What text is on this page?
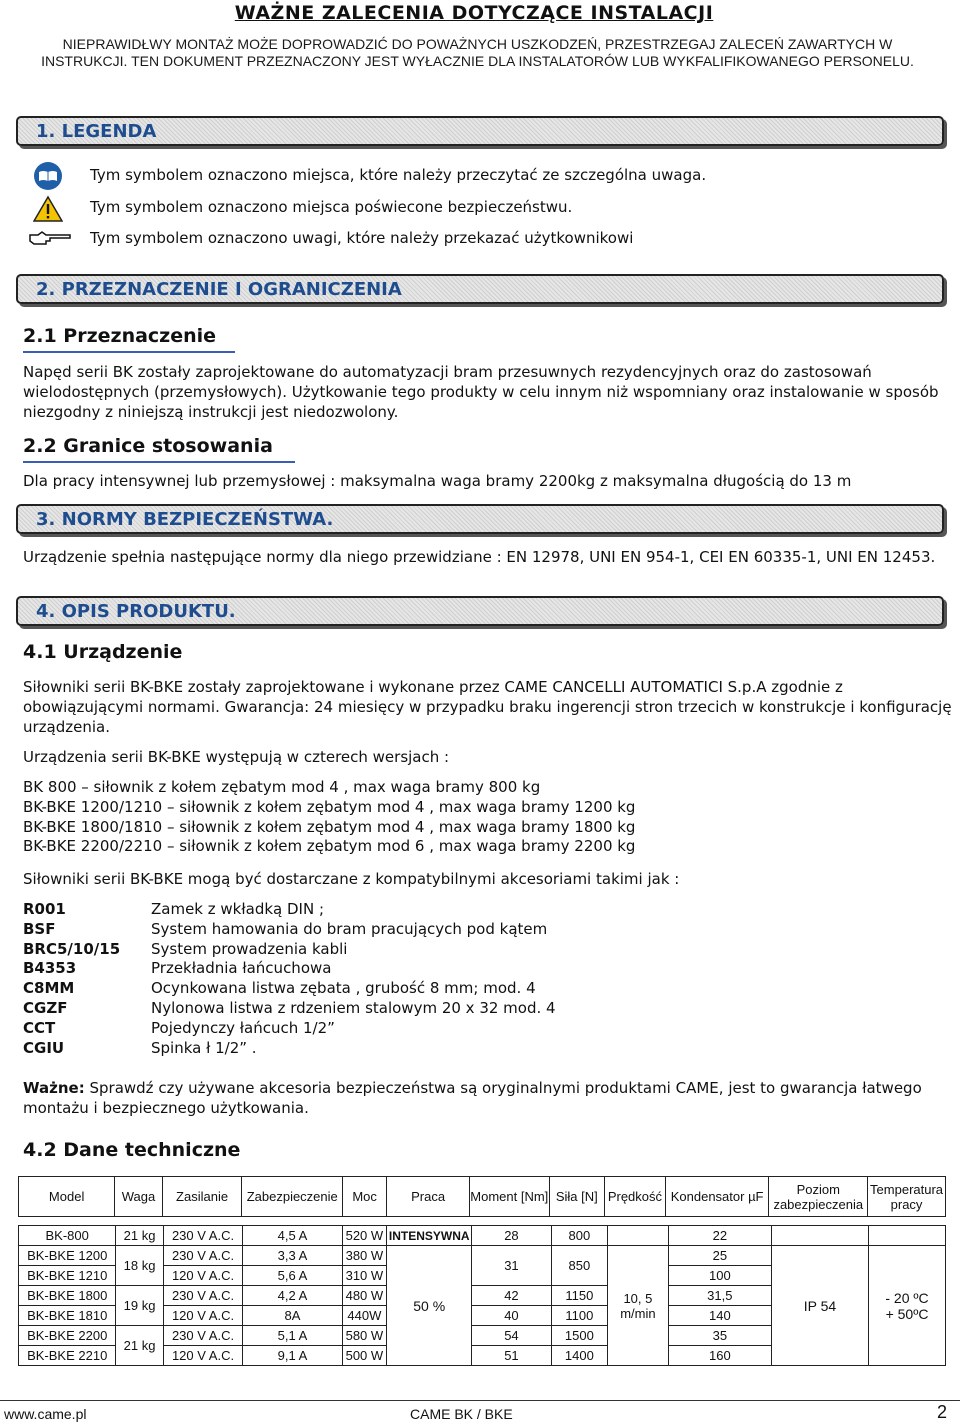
WAŻNE ZALECENIA DOTYCZĄCE INSTALACJI
NIEPRAWIDŁWY MONTAŻ MOŻE DOPROWADZIĆ DO POWAŻNYCH USZKODZEŃ, PRZESTRZEGAJ ZALECEŃ ZAWARTYCH W INSTRUKCJI. TEN DOKUMENT PRZEZNACZONY JEST WYŁACZNIE DLA INSTALATORÓW LUB WYKFALIFIKOWANEGO PERSONELU.
1. LEGENDA
Tym symbolem oznaczono miejsca, które należy przeczytać ze szczególna uwaga.
Tym symbolem oznaczono miejsca poświecone bezpieczeństwu.
Tym symbolem oznaczono uwagi, które należy przekazać użytkownikowi
2. PRZEZNACZENIE I OGRANICZENIA
2.1 Przeznaczenie
Napęd serii BK zostały zaprojektowane do automatyzacji bram przesuwnych rezydencyjnych oraz do zastosowań wielodostępnych (przemysłowych). Użytkowanie tego produkty w celu innym niż wspomniany oraz instalowanie w sposób niezgodny z niniejszą instrukcji jest niedozwolony.
2.2 Granice stosowania
Dla pracy intensywnej lub przemysłowej : maksymalna waga bramy 2200kg z maksymalna długością do 13 m
3. NORMY BEZPIECZEŃSTWA.
Urządzenie spełnia następujące normy dla niego przewidziane : EN 12978, UNI EN 954-1, CEI EN 60335-1, UNI EN 12453.
4. OPIS PRODUKTU.
4.1 Urządzenie
Siłowniki serii BK-BKE zostały zaprojektowane i wykonane przez CAME CANCELLI AUTOMATICI S.p.A zgodnie z obowiązującymi normami. Gwarancja: 24 miesięcy w przypadku braku ingerencji stron trzecich w konstrukcje i konfigurację urządzenia.
Urządzenia serii BK-BKE występują w czterech wersjach :
BK 800 – siłownik z kołem zębatym mod 4 , max waga bramy 800 kg
BK-BKE 1200/1210 – siłownik z kołem zębatym mod 4 , max waga bramy 1200 kg
BK-BKE 1800/1810 – siłownik z kołem zębatym mod 4 , max waga bramy 1800 kg
BK-BKE 2200/2210 – siłownik z kołem zębatym mod 6 , max waga bramy 2200 kg
Siłowniki serii BK-BKE mogą być dostarczane z kompatybilnymi akcesoriami takimi jak :
R001	Zamek z wkładką DIN ;
BSF	System hamowania do bram pracujących pod kątem
BRC5/10/15 System prowadzenia kabli
B4353	Przekładnia łańcuchowa
C8MM	Ocynkowana listwa zębata , grubość 8 mm; mod. 4
CGZF	Nylonowa listwa z rdzeniem stalowym 20 x 32 mod. 4
CCT	Pojedynczy łańcuch 1/2”
CGIU	Spinka ł 1/2” .
Ważne: Sprawdź czy używane akcesoria bezpieczeństwa są oryginalnymi produktami CAME, jest to gwarancja łatwego montażu i bezpiecznego użytkowania.
4.2 Dane techniczne
Model	Waga	Zasilanie	Zabezpieczenie	Moc	Praca	Moment [Nm]	Siła [N]	Prędkość	Kondensator µF	Poziom zabezpieczenia	Temperatura pracy
BK-800	21 kg	230 V A.C.	4,5 A	520 W	INTENSYWNA	28	800		22		
BK-BKE 1200	18 kg	230 V A.C.	3,3 A	380 W	50 %	31	850	10, 5 m/min	25	IP 54	- 20 ºC
+ 50ºC

BK-BKE 1210		120 V A.C.	5,6 A	310 W					100		
BK-BKE 1800	19 kg	230 V A.C.	4,2 A	480 W		42	1150		31,5		
BK-BKE 1810		120 V A.C.	8A	440W		40	1100		140		
BK-BKE 2200	21 kg	230 V A.C.	5,1 A	580 W		54	1500		35		
BK-BKE 2210		120 V A.C.	9,1 A	500 W		51	1400		160		
www.came.pl	CAME BK / BKE	2
